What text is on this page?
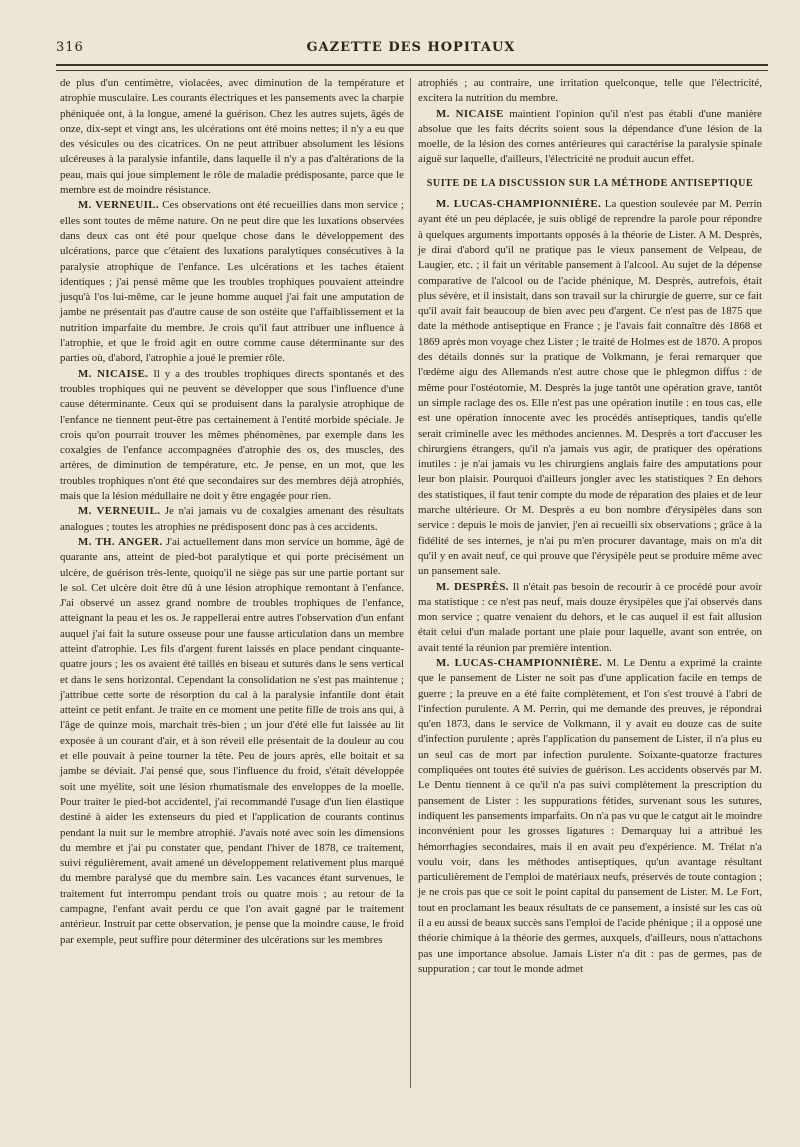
316	GAZETTE DES HOPITAUX

de plus d'un centimètre, violacées, avec diminution de la température et atrophie musculaire. Les courants électriques et les pansements avec la charpie phéniquée ont, à la longue, amené la guérison. Chez les autres sujets, âgés de onze, dix-sept et vingt ans, les ulcérations ont été moins nettes; il n'y a eu que des vésicules ou des cicatrices. On ne peut attribuer absolument les lésions ulcéreuses à la paralysie infantile, dans laquelle il n'y a pas d'altérations de la peau, mais qui joue simplement le rôle de maladie prédisposante, parce que le membre est de moindre résistance.

M. VERNEUIL. Ces observations ont été recueillies dans mon service ; elles sont toutes de même nature. On ne peut dire que les luxations observées dans deux cas ont été pour quelque chose dans le développement des ulcérations, parce que c'étaient des luxations paralytiques consécutives à la paralysie atrophique de l'enfance. Les ulcérations et les taches étaient identiques ; j'ai pensé même que les troubles trophiques pouvaient atteindre jusqu'à l'os lui-même, car le jeune homme auquel j'ai fait une amputation de jambe ne présentait pas d'autre cause de son ostéite que l'affaiblissement et la nutrition imparfaite du membre. Je crois qu'il faut attribuer une influence à l'atrophie, et que le froid agit en outre comme cause déterminante sur des parties où, d'abord, l'atrophie a joué le premier rôle.

M. NICAISE. Il y a des troubles trophiques directs spontanés et des troubles trophiques qui ne peuvent se développer que sous l'influence d'une cause déterminante. Ceux qui se produisent dans la paralysie atrophique de l'enfance ne tiennent peut-être pas certainement à l'entité morbide spéciale. Je crois qu'on pourrait trouver les mêmes phénomènes, par exemple dans les coxalgies de l'enfance accompagnées d'atrophie des os, des muscles, des artères, de diminution de température, etc. Je pense, en un mot, que les troubles trophiques n'ont été que secondaires sur des membres déjà atrophiés, mais que la lésion médullaire ne doit y être engagée pour rien.

M. VERNEUIL. Je n'ai jamais vu de coxalgies amenant des résultats analogues ; toutes les atrophies ne prédisposent donc pas à ces accidents.

M. TH. ANGER. J'ai actuellement dans mon service un homme, âgé de quarante ans, atteint de pied-bot paralytique et qui porte précisément un ulcère, de guérison très-lente, quoiqu'il ne siège pas sur une partie portant sur le sol. Cet ulcère doit être dû à une lésion atrophique remontant à l'enfance. J'ai observé un assez grand nombre de troubles trophiques de l'enfance, atteignant la peau et les os. Je rappellerai entre autres l'observation d'un enfant auquel j'ai fait la suture osseuse pour une fausse articulation dans un membre atteint d'atrophie. Les fils d'argent furent laissés en place pendant cinquante-quatre jours ; les os avaient été taillés en biseau et suturés dans le sens vertical et dans le sens horizontal. Cependant la consolidation ne s'est pas maintenue ; j'attribue cette sorte de résorption du cal à la paralysie infantile dont était atteint ce petit enfant. Je traite en ce moment une petite fille de trois ans qui, à l'âge de quinze mois, marchait très-bien ; un jour d'été elle fut laissée au lit exposée à un courant d'air, et à son réveil elle présentait de la douleur au cou et elle pouvait à peine tourner la tête. Peu de jours après, elle boitait et sa jambe se déviait. J'ai pensé que, sous l'influence du froid, s'était développée soit une myélite, soit une lésion rhumatismale des enveloppes de la moelle. Pour traiter le pied-bot accidentel, j'ai recommandé l'usage d'un lien élastique destiné à aider les extenseurs du pied et l'application de courants continus pendant la nuit sur le membre atrophié. J'avais noté avec soin les dimensions du membre et j'ai pu constater que, pendant l'hiver de 1878, ce traitement, suivi régulièrement, avait amené un développement relativement plus marqué du membre paralysé que du membre sain. Les vacances étant survenues, le traitement fut interrompu pendant trois ou quatre mois ; au retour de la campagne, l'enfant avait perdu ce que l'on avait gagné par le traitement antérieur. Instruit par cette observation, je pense que la moindre cause, le froid par exemple, peut suffire pour déterminer des ulcérations sur les membres

atrophiés ; au contraire, une irritation quelconque, telle que l'électricité, excitera la nutrition du membre.

M. NICAISE maintient l'opinion qu'il n'est pas établi d'une manière absolue que les faits décrits soient sous la dépendance d'une lésion de la moelle, de la lésion des cornes antérieures qui caractérise la paralysie spinale aiguë sur laquelle, d'ailleurs, l'électricité ne produit aucun effet.

SUITE DE LA DISCUSSION SUR LA MÉTHODE ANTISEPTIQUE

M. LUCAS-CHAMPIONNIÈRE. La question soulevée par M. Perrin ayant été un peu déplacée, je suis obligé de reprendre la parole pour répondre à quelques arguments importants opposés à la théorie de Lister. A M. Desprès, je dirai d'abord qu'il ne pratique pas le vieux pansement de Velpeau, de Laugier, etc. ; il fait un véritable pansement à l'alcool. Au sujet de la dépense comparative de l'alcool ou de l'acide phénique, M. Desprès, autrefois, était plus sévère, et il insistait, dans son travail sur la chirurgie de guerre, sur ce fait qu'il avait fait beaucoup de bien avec peu d'argent. Ce n'est pas de 1875 que date la méthode antiseptique en France ; je l'avais fait connaître dès 1868 et 1869 après mon voyage chez Lister ; le traité de Holmes est de 1870. A propos des détails donnés sur la pratique de Volkmann, je ferai remarquer que l'œdème aigu des Allemands n'est autre chose que le phlegmon diffus : de même pour l'ostéotomie, M. Desprès la juge tantôt une opération grave, tantôt un simple raclage des os. Elle n'est pas une opération inutile : en tous cas, elle est une opération innocente avec les procédés antiseptiques, tandis qu'elle serait criminelle avec les méthodes anciennes. M. Desprès a tort d'accuser les chirurgiens étrangers, qu'il n'a jamais vus agir, de pratiquer des opérations inutiles : je n'ai jamais vu les chirurgiens anglais faire des amputations pour leur bon plaisir. Pourquoi d'ailleurs jongler avec les statistiques ? En dehors des statistiques, il faut tenir compte du mode de réparation des plaies et de leur marche ultérieure. Or M. Desprès a eu bon nombre d'érysipèles dans son service : depuis le mois de janvier, j'en ai recueilli six observations ; grâce à la fidélité de ses internes, je n'ai pu m'en procurer davantage, mais on m'a dit qu'il y en avait neuf, ce qui prouve que l'érysipèle peut se produire même avec un pansement sale.

M. DESPRÈS. Il n'était pas besoin de recourir à ce procédé pour avoir ma statistique : ce n'est pas neuf, mais douze érysipèles que j'ai observés dans mon service ; quatre venaient du dehors, et le cas auquel il est fait allusion était celui d'un malade portant une plaie pour laquelle, avant son entrée, on avait tenté la réunion par première intention.

M. LUCAS-CHAMPIONNIÈRE. M. Le Dentu a exprimé la crainte que le pansement de Lister ne soit pas d'une application facile en temps de guerre ; la preuve en a été faite complètement, et l'on s'est trouvé à l'abri de l'infection purulente. A M. Perrin, qui me demande des preuves, je répondrai qu'en 1873, dans le service de Volkmann, il y avait eu douze cas de suite d'infection purulente ; après l'application du pansement de Lister, il n'a plus eu un seul cas de mort par infection purulente. Soixante-quatorze fractures compliquées ont toutes été suivies de guérison. Les accidents observés par M. Le Dentu tiennent à ce qu'il n'a pas suivi complètement la prescription du pansement de Lister : les suppurations fétides, survenant sous les sutures, indiquent les pansements imparfaits. On n'a pas vu que le catgut ait le moindre inconvénient pour les grosses ligatures : Demarquay lui a attribué les hémorrhagies secondaires, mais il en avait peu d'expérience. M. Trélat n'a voulu voir, dans les méthodes antiseptiques, qu'un avantage résultant particulièrement de l'emploi de matériaux neufs, préservés de toute contagion ; je ne crois pas que ce soit le point capital du pansement de Lister. M. Le Fort, tout en proclamant les beaux résultats de ce pansement, a insisté sur les cas où il a eu aussi de beaux succès sans l'emploi de l'acide phénique ; il a opposé une théorie chimique à la théorie des germes, auxquels, d'ailleurs, nous n'attachons pas une importance absolue. Jamais Lister n'a dit : pas de germes, pas de suppuration ; car tout le monde admet
